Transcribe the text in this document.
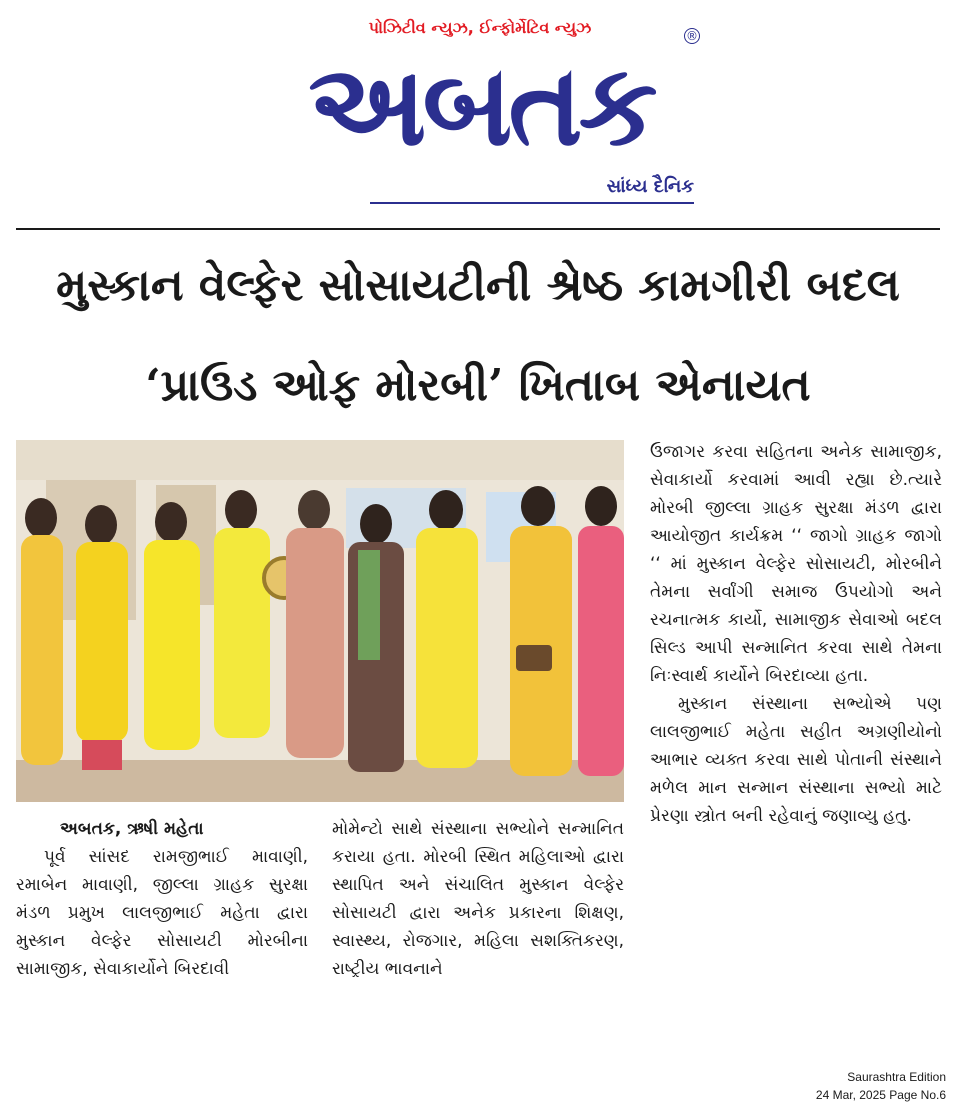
પોઝિટીવ ન્યુઝ, ઈન્ફોર્મેટિવ ન્યુઝ	®
અબતક
સાંધ્ય દૈનિક
મુસ્કાન વેલ્ફેર સોસાયટીની શ્રેષ્ઠ કામગીરી બદલ
‘પ્રાઉડ ઓફ મોરબી’ ખિતાબ એનાયત

અબતક, ઋષી મહેતા

પૂર્વ સાંસદ રામજીભાઈ માવાણી, રમાબેન માવાણી, જીલ્લા ગ્રાહક સુરક્ષા મંડળ પ્રમુખ લાલજીભાઈ મહેતા દ્વારા મુસ્કાન વેલ્ફેર સોસાયટી મોરબીના સામાજીક, સેવાકાર્યોને બિરદાવી

મોમેન્ટો સાથે સંસ્થાના સભ્યોને સન્માનિત કરાયા હતા. મોરબી સ્થિત મહિલાઓ દ્વારા સ્થાપિત અને સંચાલિત મુસ્કાન વેલ્ફેર સોસાયટી દ્વારા અનેક પ્રકારના શિક્ષણ, સ્વાસ્થ્ય, રોજગાર, મહિલા સશક્તિકરણ, રાષ્ટ્રીય ભાવનાને

ઉજાગર કરવા સહિતના અનેક સામાજીક, સેવાકાર્યો કરવામાં આવી રહ્યા છે.ત્યારે મોરબી જીલ્લા ગ્રાહક સુરક્ષા મંડળ દ્વારા આયોજીત કાર્યક્રમ ‘‘ જાગો ગ્રાહક જાગો ‘‘ માં મુસ્કાન વેલ્ફેર સોસાયટી, મોરબીને તેમના સર્વાંગી સમાજ ઉપયોગો અને રચનાત્મક કાર્યો, સામાજીક સેવાઓ બદલ સિલ્ડ આપી સન્માનિત કરવા સાથે તેમના નિઃસ્વાર્થ કાર્યોને બિરદાવ્યા હતા.

મુસ્કાન સંસ્થાના સભ્યોએ પણ લાલજીભાઈ મહેતા સહીત અગ્રણીયોનો આભાર વ્યક્ત કરવા સાથે પોતાની સંસ્થાને મળેલ માન સન્માન સંસ્થાના સભ્યો માટે પ્રેરણા સ્ત્રોત બની રહેવાનું જણાવ્યુ હતુ.

Saurashtra Edition
24 Mar, 2025 Page No.6
